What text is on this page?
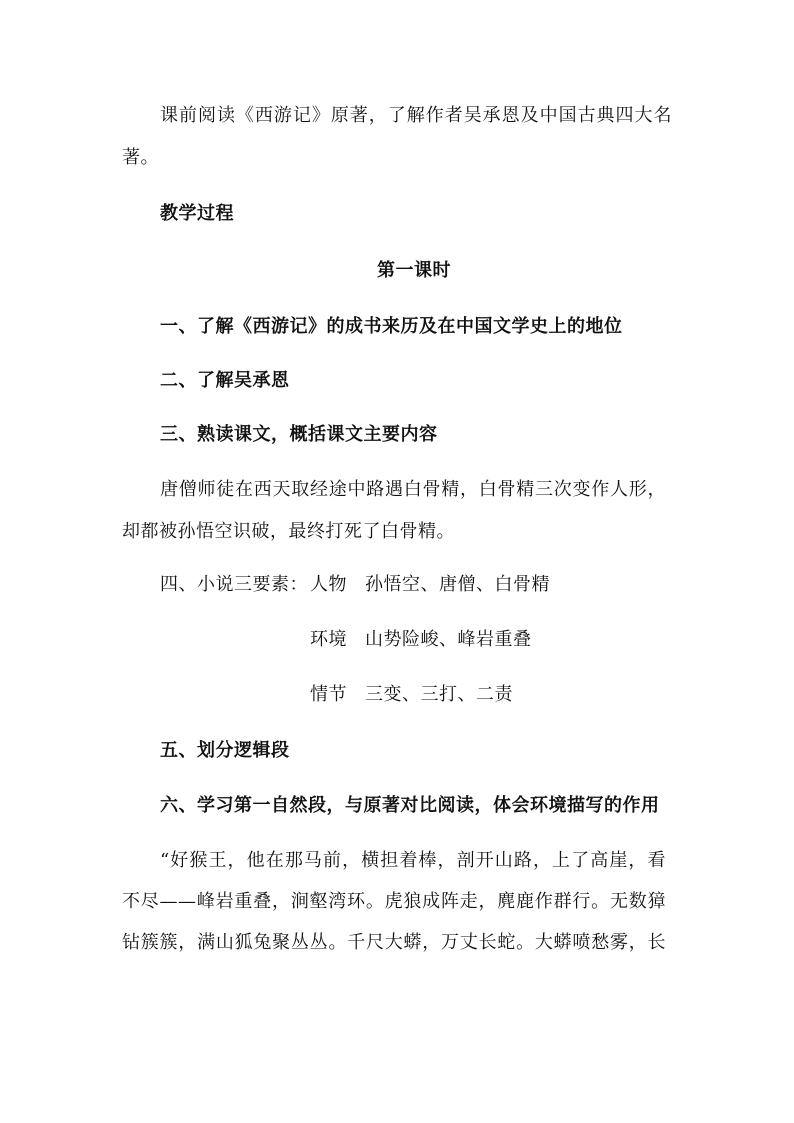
课前阅读《西游记》原著，了解作者吴承恩及中国古典四大名
著。
教学过程
第一课时
一、了解《西游记》的成书来历及在中国文学史上的地位
二、了解吴承恩
三、熟读课文，概括课文主要内容
唐僧师徒在西天取经途中路遇白骨精，白骨精三次变作人形，
却都被孙悟空识破，最终打死了白骨精。
四、小说三要素： 人物 孙悟空、唐僧、白骨精
环境 山势险峻、峰岩重叠
情节 三变、三打、二责
五、划分逻辑段
六、学习第一自然段，与原著对比阅读，体会环境描写的作用
“好猴王，他在那马前，横担着棒，剖开山路，上了高崖，看
不尽——峰岩重叠，涧壑湾环。虎狼成阵走，麂鹿作群行。无数獐
钻簇簇，满山狐兔聚丛丛。千尺大蟒，万丈长蛇。大蟒喷愁雾，长
